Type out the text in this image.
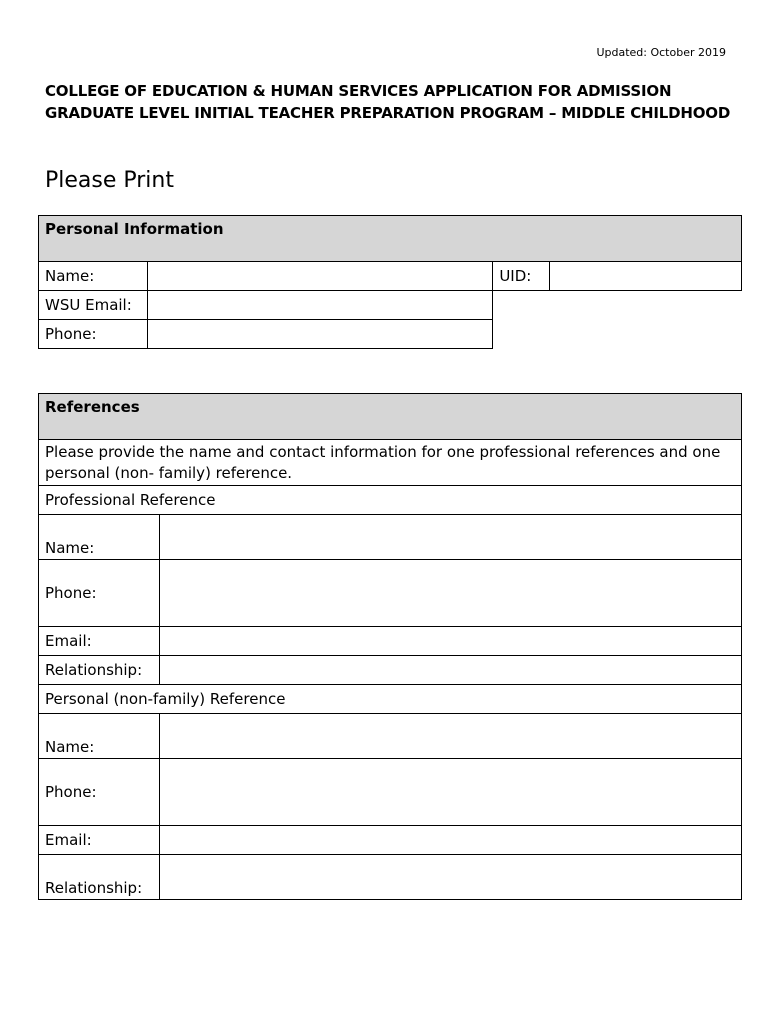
Updated: October 2019
COLLEGE OF EDUCATION & HUMAN SERVICES APPLICATION FOR ADMISSION GRADUATE LEVEL INITIAL TEACHER PREPARATION PROGRAM – MIDDLE CHILDHOOD
Please Print
Personal Information			
Name:		UID:	
WSU Email:			
Phone:			
References	
Please provide the name and contact information for one professional references and one personal (non- family) reference.	
Professional Reference	
Name:	
Phone:	
Email:	
Relationship:	
Personal (non-family) Reference	
Name:	
Phone:	
Email:	
Relationship:	
